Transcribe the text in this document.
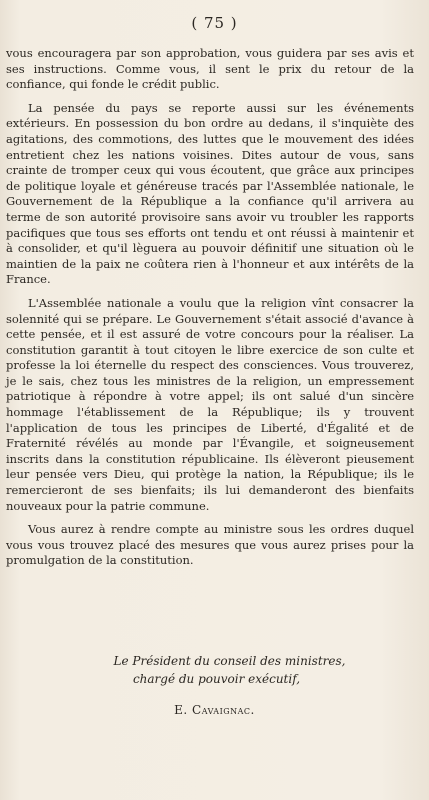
( 75 )

vous encouragera par son approbation, vous guidera par ses avis et ses instructions. Comme vous, il sent le prix du retour de la confiance, qui fonde le crédit public.

La pensée du pays se reporte aussi sur les événements extérieurs. En possession du bon ordre au dedans, il s'inquiète des agitations, des commotions, des luttes que le mouvement des idées entretient chez les nations voisines. Dites autour de vous, sans crainte de tromper ceux qui vous écoutent, que grâce aux principes de politique loyale et généreuse tracés par l'Assemblée nationale, le Gouvernement de la République a la confiance qu'il arrivera au terme de son autorité provisoire sans avoir vu troubler les rapports pacifiques que tous ses efforts ont tendu et ont réussi à maintenir et à consolider, et qu'il lèguera au pouvoir définitif une situation où le maintien de la paix ne coûtera rien à l'honneur et aux intérêts de la France.

L'Assemblée nationale a voulu que la religion vînt consacrer la solennité qui se prépare. Le Gouvernement s'était associé d'avance à cette pensée, et il est assuré de votre concours pour la réaliser. La constitution garantit à tout citoyen le libre exercice de son culte et professe la loi éternelle du respect des consciences. Vous trouverez, je le sais, chez tous les ministres de la religion, un empressement patriotique à répondre à votre appel; ils ont salué d'un sincère hommage l'établissement de la République; ils y trouvent l'application de tous les principes de Liberté, d'Égalité et de Fraternité révélés au monde par l'Évangile, et soigneusement inscrits dans la constitution républicaine. Ils élèveront pieusement leur pensée vers Dieu, qui protège la nation, la République; ils le remercieront de ses bienfaits; ils lui demanderont des bienfaits nouveaux pour la patrie commune.

Vous aurez à rendre compte au ministre sous les ordres duquel vous vous trouvez placé des mesures que vous aurez prises pour la promulgation de la constitution.

Le Président du conseil des ministres,
chargé du pouvoir exécutif,
E. Cavaignac.
